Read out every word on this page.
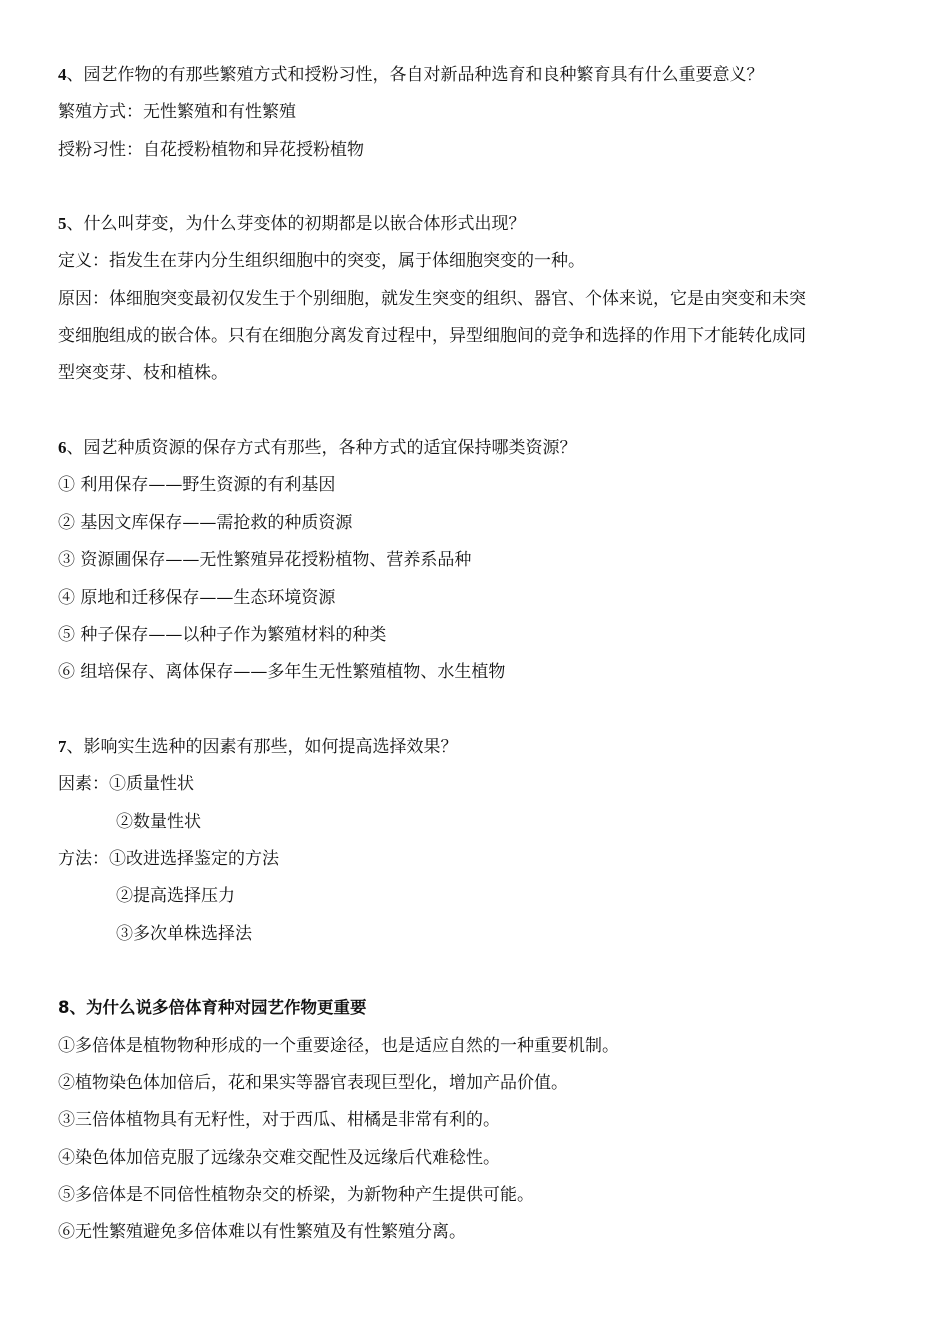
4、园艺作物的有那些繁殖方式和授粉习性，各自对新品种选育和良种繁育具有什么重要意义？
繁殖方式：无性繁殖和有性繁殖
授粉习性：自花授粉植物和异花授粉植物
5、什么叫芽变，为什么芽变体的初期都是以嵌合体形式出现？
定义：指发生在芽内分生组织细胞中的突变，属于体细胞突变的一种。
原因：体细胞突变最初仅发生于个别细胞，就发生突变的组织、器官、个体来说，它是由突变和未突
变细胞组成的嵌合体。只有在细胞分离发育过程中，异型细胞间的竞争和选择的作用下才能转化成同
型突变芽、枝和植株。
6、园艺种质资源的保存方式有那些，各种方式的适宜保持哪类资源？
① 利用保存——野生资源的有利基因
② 基因文库保存——需抢救的种质资源
③ 资源圃保存——无性繁殖异花授粉植物、营养系品种
④ 原地和迁移保存——生态环境资源
⑤ 种子保存——以种子作为繁殖材料的种类
⑥ 组培保存、离体保存——多年生无性繁殖植物、水生植物
7、影响实生选种的因素有那些，如何提高选择效果？
因素：①质量性状
②数量性状
方法：①改进选择鉴定的方法
②提高选择压力
③多次单株选择法
8、为什么说多倍体育种对园艺作物更重要
①多倍体是植物物种形成的一个重要途径，也是适应自然的一种重要机制。
②植物染色体加倍后，花和果实等器官表现巨型化，增加产品价值。
③三倍体植物具有无籽性，对于西瓜、柑橘是非常有利的。
④染色体加倍克服了远缘杂交难交配性及远缘后代难稔性。
⑤多倍体是不同倍性植物杂交的桥梁，为新物种产生提供可能。
⑥无性繁殖避免多倍体难以有性繁殖及有性繁殖分离。
